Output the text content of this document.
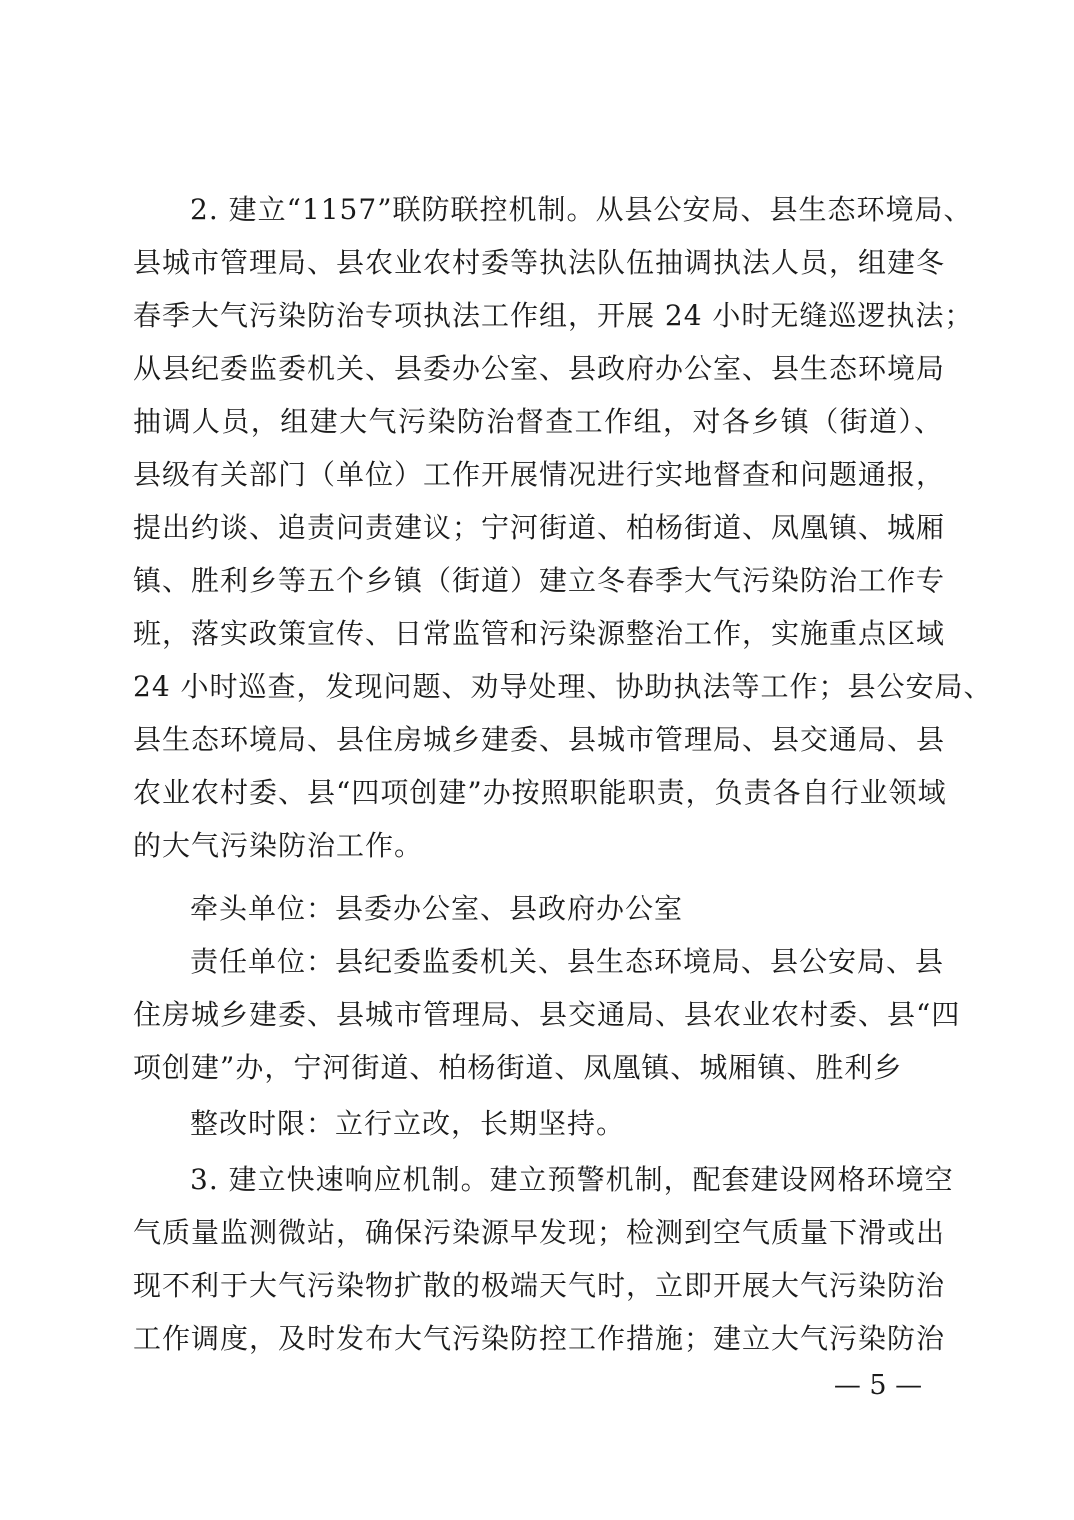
2. 建立“1157”联防联控机制。从县公安局、县生态环境局、
县城市管理局、县农业农村委等执法队伍抽调执法人员，组建冬
春季大气污染防治专项执法工作组，开展 24 小时无缝巡逻执法；
从县纪委监委机关、县委办公室、县政府办公室、县生态环境局
抽调人员，组建大气污染防治督查工作组，对各乡镇（街道）、
县级有关部门（单位）工作开展情况进行实地督查和问题通报，
提出约谈、追责问责建议；宁河街道、柏杨街道、凤凰镇、城厢
镇、胜利乡等五个乡镇（街道）建立冬春季大气污染防治工作专
班，落实政策宣传、日常监管和污染源整治工作，实施重点区域
24 小时巡查，发现问题、劝导处理、协助执法等工作；县公安局、
县生态环境局、县住房城乡建委、县城市管理局、县交通局、县
农业农村委、县“四项创建”办按照职能职责，负责各自行业领域
的大气污染防治工作。
牵头单位：县委办公室、县政府办公室
责任单位：县纪委监委机关、县生态环境局、县公安局、县
住房城乡建委、县城市管理局、县交通局、县农业农村委、县“四
项创建”办，宁河街道、柏杨街道、凤凰镇、城厢镇、胜利乡
整改时限：立行立改，长期坚持。
3. 建立快速响应机制。建立预警机制，配套建设网格环境空
气质量监测微站，确保污染源早发现；检测到空气质量下滑或出
现不利于大气污染物扩散的极端天气时，立即开展大气污染防治
工作调度，及时发布大气污染防控工作措施；建立大气污染防治
— 5 —
